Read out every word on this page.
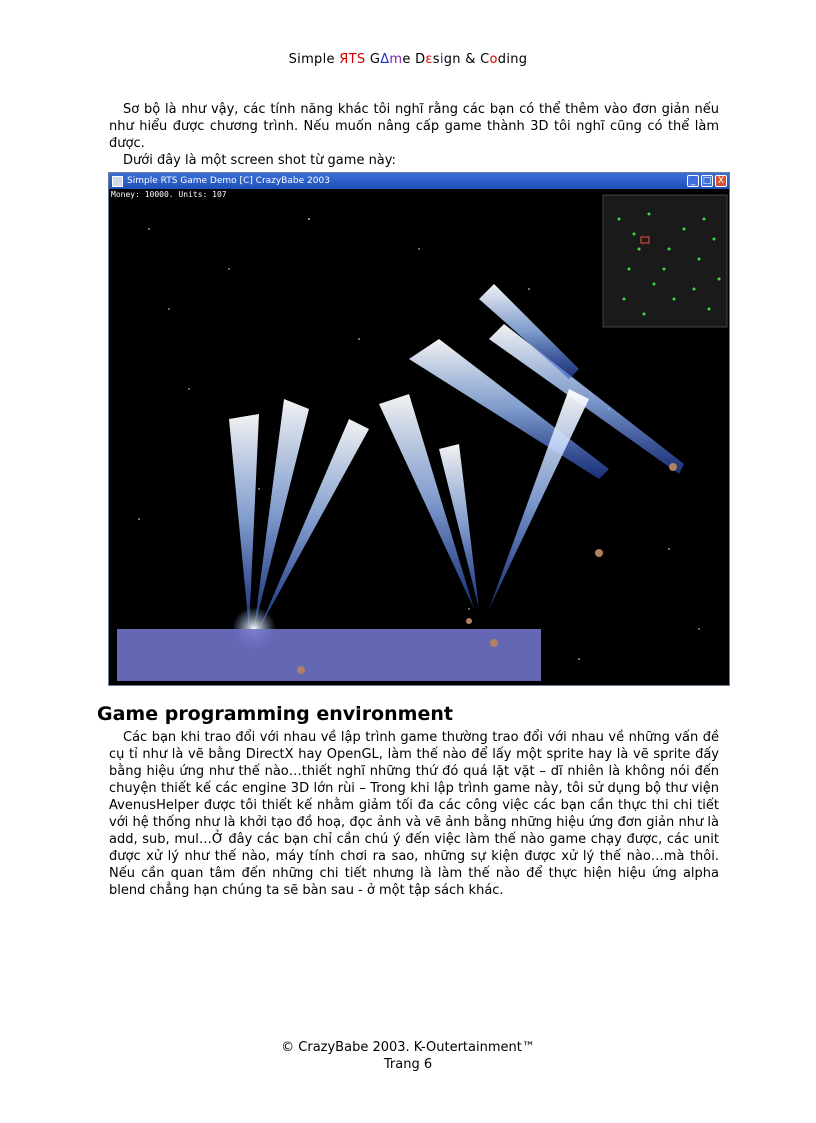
Simple ЯTS GΔme Dεsign & Coding

Sơ bộ là như vậy, các tính năng khác tôi nghĩ rằng các bạn có thể thêm vào đơn giản nếu như hiểu được chương trình. Nếu muốn nâng cấp game thành 3D tôi nghĩ cũng có thể làm được.

Dưới đây là một screen shot từ game này:

Simple RTS Game Demo [C] CrazyBabe 2003	_ □ X
Money: 10000. Units: 107
Game programming environment

Các bạn khi trao đổi với nhau về lập trình game thường trao đổi với nhau về những vấn đề cụ tỉ như là vẽ bằng DirectX hay OpenGL, làm thế nào để lấy một sprite hay là vẽ sprite đấy bằng hiệu ứng như thế nào…thiết nghĩ những thứ đó quá lặt vặt – dĩ nhiên là không nói đến chuyện thiết kế các engine 3D lớn rùi – Trong khi lập trình game này, tôi sử dụng bộ thư viện AvenusHelper được tôi thiết kế nhằm giảm tối đa các công việc các bạn cần thực thi chi tiết với hệ thống như là khởi tạo đồ hoạ, đọc ảnh và vẽ ảnh bằng những hiệu ứng đơn giản như là add, sub, mul…Ở đây các bạn chỉ cần chú ý đến việc làm thế nào game chạy được, các unit được xử lý như thế nào, máy tính chơi ra sao, những sự kiện được xử lý thế nào…mà thôi. Nếu cần quan tâm đến những chi tiết nhưng là làm thế nào để thực hiện hiệu ứng alpha blend chẳng hạn chúng ta sẽ bàn sau - ở một tập sách khác.

© CrazyBabe 2003. K-Outertainment™
Trang 6
